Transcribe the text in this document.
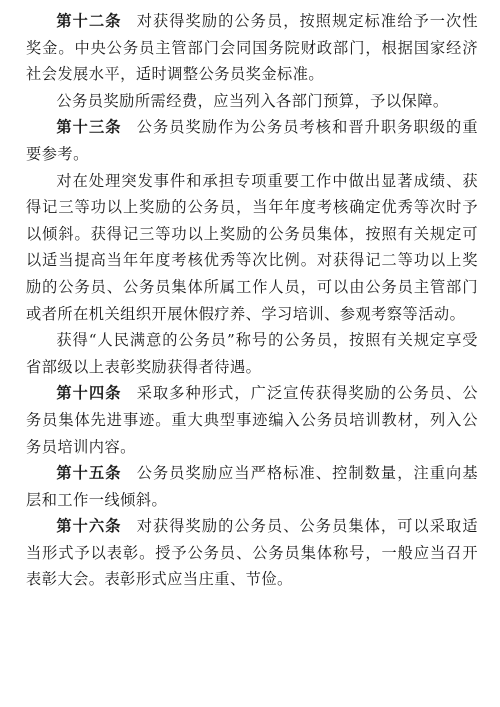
第十二条 对获得奖励的公务员，按照规定标准给予一次性奖金。中央公务员主管部门会同国务院财政部门，根据国家经济社会发展水平，适时调整公务员奖金标准。

公务员奖励所需经费，应当列入各部门预算，予以保障。

第十三条 公务员奖励作为公务员考核和晋升职务职级的重要参考。

对在处理突发事件和承担专项重要工作中做出显著成绩、获得记三等功以上奖励的公务员，当年年度考核确定优秀等次时予以倾斜。获得记三等功以上奖励的公务员集体，按照有关规定可以适当提高当年年度考核优秀等次比例。对获得记二等功以上奖励的公务员、公务员集体所属工作人员，可以由公务员主管部门或者所在机关组织开展休假疗养、学习培训、参观考察等活动。

获得“人民满意的公务员”称号的公务员，按照有关规定享受省部级以上表彰奖励获得者待遇。

第十四条 采取多种形式，广泛宣传获得奖励的公务员、公务员集体先进事迹。重大典型事迹编入公务员培训教材，列入公务员培训内容。

第十五条 公务员奖励应当严格标准、控制数量，注重向基层和工作一线倾斜。

第十六条 对获得奖励的公务员、公务员集体，可以采取适当形式予以表彰。授予公务员、公务员集体称号，一般应当召开表彰大会。表彰形式应当庄重、节俭。
